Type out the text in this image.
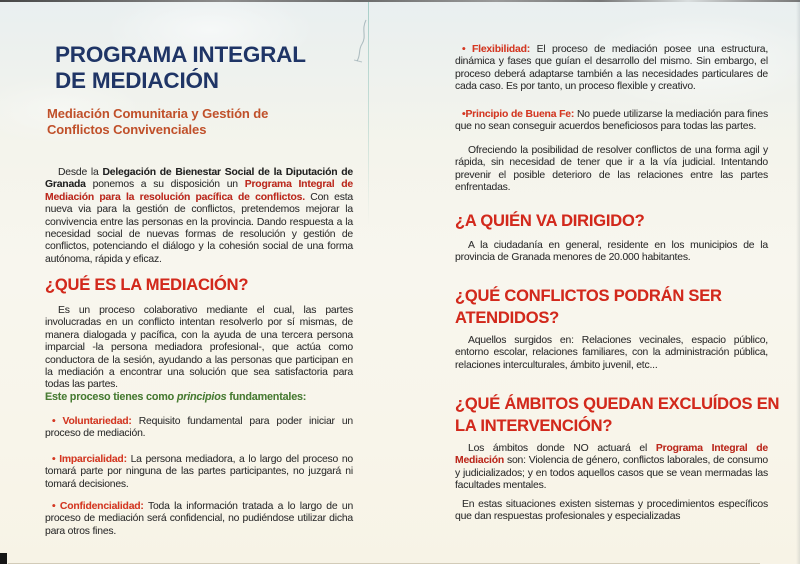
PROGRAMA INTEGRAL DE MEDIACIÓN
Mediación Comunitaria y Gestión de Conflictos Convivenciales

Desde la Delegación de Bienestar Social de la Diputación de Granada ponemos a su disposición un Programa Integral de Mediación para la resolución pacífica de conflictos. Con esta nueva via para la gestión de conflictos, pretendemos mejorar la convivencia entre las personas en la provincia. Dando respuesta a la necesidad social de nuevas formas de resolución y gestión de conflictos, potenciando el diálogo y la cohesión social de una forma autónoma, rápida y eficaz.

¿QUÉ ES LA MEDIACIÓN?

Es un proceso colaborativo mediante el cual, las partes involucradas en un conflicto intentan resolverlo por sí mismas, de manera dialogada y pacífica, con la ayuda de una tercera persona imparcial -la persona mediadora profesional-, que actúa como conductora de la sesión, ayudando a las personas que participan en la mediación a encontrar una solución que sea satisfactoria para todas las partes.

Este proceso tienes como principios fundamentales:

• Voluntariedad: Requisito fundamental para poder iniciar un proceso de mediación.

• Imparcialidad: La persona mediadora, a lo largo del proceso no tomará parte por ninguna de las partes participantes, no juzgará ni tomará decisiones.

• Confidencialidad: Toda la información tratada a lo largo de un proceso de mediación será confidencial, no pudiéndose utilizar dicha para otros fines.

• Flexibilidad: El proceso de mediación posee una estructura, dinámica y fases que guían el desarrollo del mismo. Sin embargo, el proceso deberá adaptarse también a las necesidades particulares de cada caso. Es por tanto, un proceso flexible y creativo.

•Principio de Buena Fe: No puede utilizarse la mediación para fines que no sean conseguir acuerdos beneficiosos para todas las partes.

Ofreciendo la posibilidad de resolver conflictos de una forma agil y rápida, sin necesidad de tener que ir a la vía judicial. Intentando prevenir el posible deterioro de las relaciones entre las partes enfrentadas.

¿A QUIÉN VA DIRIGIDO?

A la ciudadanía en general, residente en los municipios de la provincia de Granada menores de 20.000 habitantes.

¿QUÉ CONFLICTOS PODRÁN SER ATENDIDOS?

Aquellos surgidos en: Relaciones vecinales, espacio público, entorno escolar, relaciones familiares, con la administración pública, relaciones interculturales, ámbito juvenil, etc...

¿QUÉ ÁMBITOS QUEDAN EXCLUÍDOS EN LA INTERVENCIÓN?

Los ámbitos donde NO actuará el Programa Integral de Mediación son: Violencia de género, conflictos laborales, de consumo y judicializados; y en todos aquellos casos que se vean mermadas las facultades mentales.

En estas situaciones existen sistemas y procedimientos específicos que dan respuestas profesionales y especializadas
